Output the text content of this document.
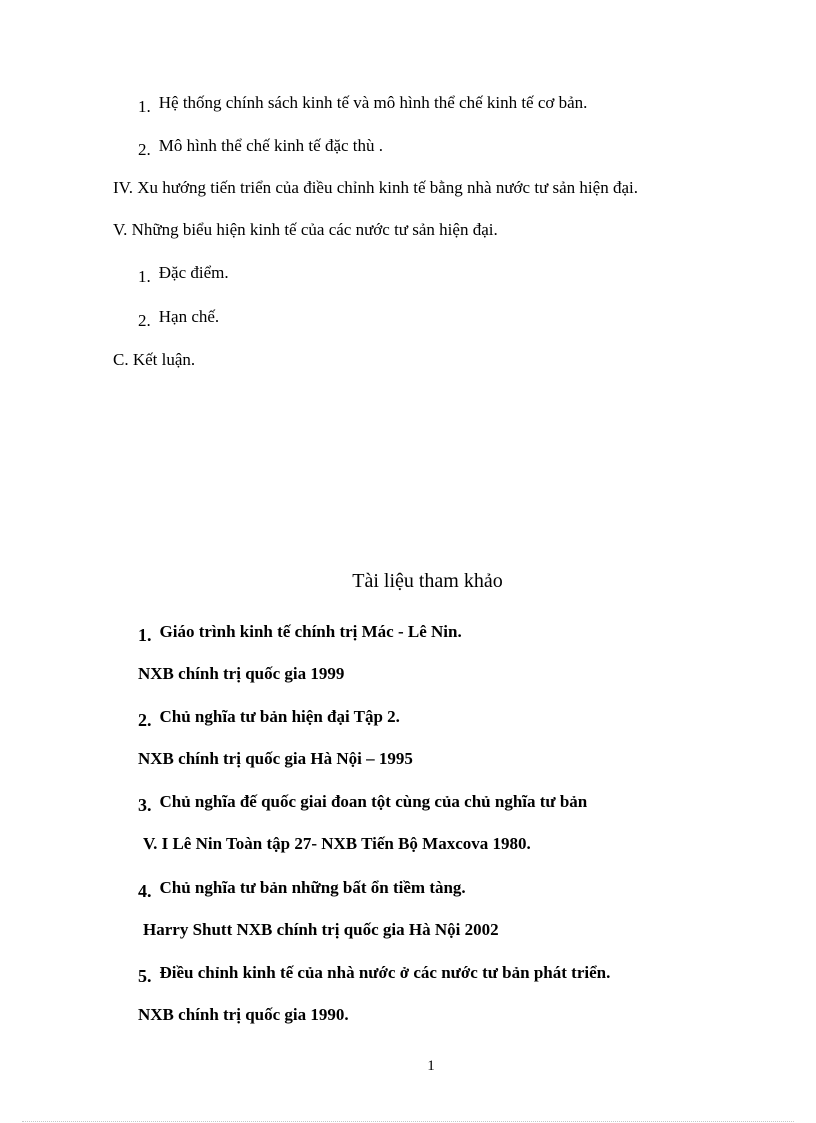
1. Hệ thống chính sách kinh tế và mô hình thể chế kinh tế cơ bản.
2. Mô hình thể chế kinh tế đặc thù .
IV. Xu hướng tiến triển của điều chỉnh kinh tế bằng nhà nước tư sản hiện đại.
V. Những biểu hiện kinh tế của các nước tư sản hiện đại.
1. Đặc điểm.
2. Hạn chế.
C. Kết luận.
Tài liệu tham khảo
1. Giáo trình kinh tế chính trị Mác - Lê Nin.
NXB chính trị quốc gia 1999
2. Chủ nghĩa tư bản hiện đại Tập 2.
NXB chính trị quốc gia Hà Nội – 1995
3. Chủ nghĩa đế quốc giai đoan tột cùng của chủ nghĩa tư bản
V. I Lê Nin Toàn tập 27- NXB Tiến Bộ Maxcova 1980.
4. Chủ nghĩa tư bản những bất ổn tiềm tàng.
Harry Shutt NXB chính trị quốc gia Hà Nội 2002
5. Điều chỉnh kinh tế của nhà nước ở các nước tư bản phát triển.
NXB chính trị quốc gia 1990.
1
